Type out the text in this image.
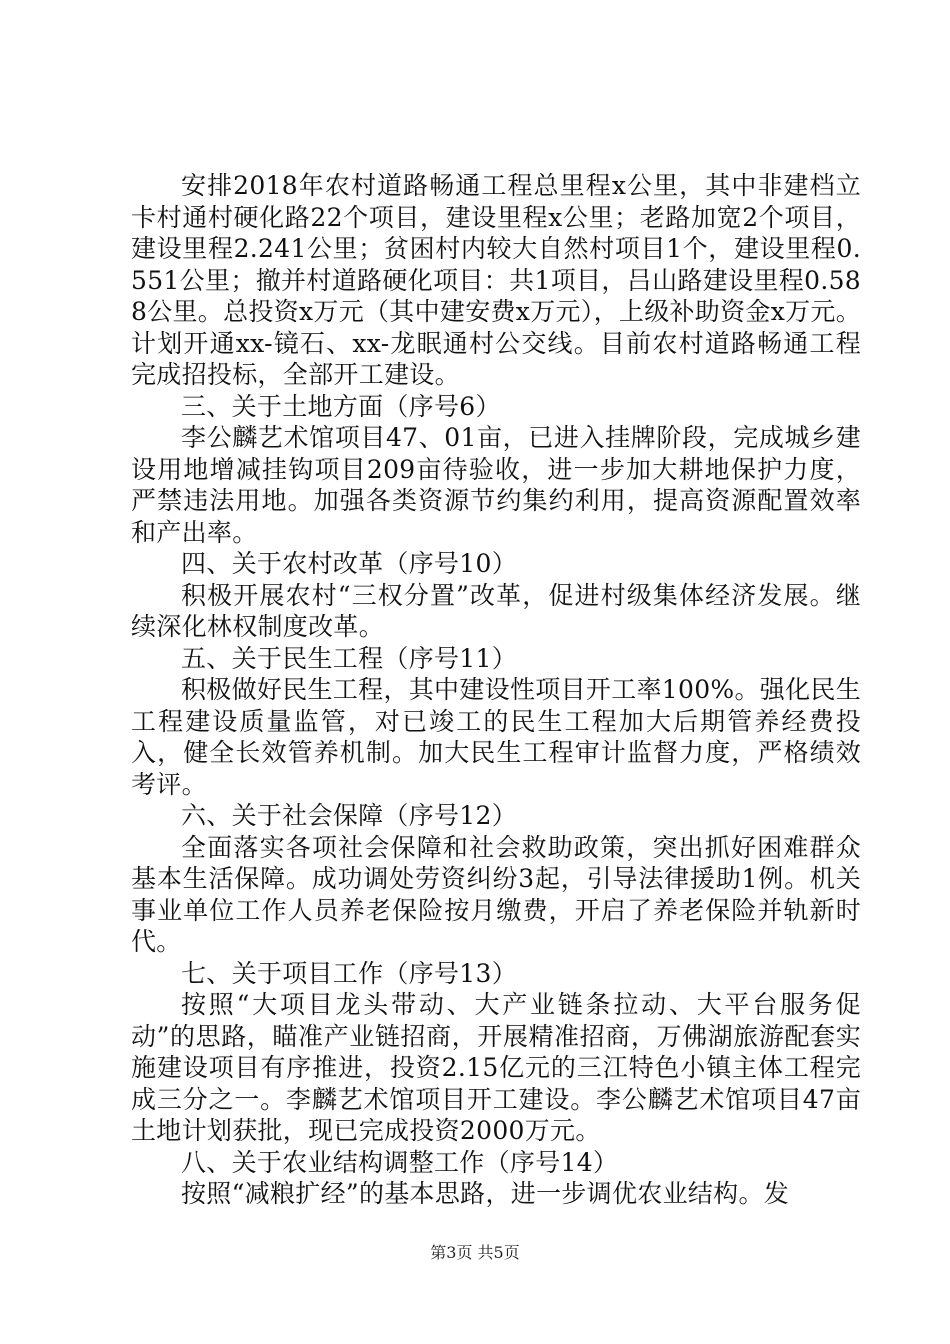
安排2018年农村道路畅通工程总里程x公里，其中非建档立卡村通村硬化路22个项目，建设里程x公里；老路加宽2个项目，建设里程2.241公里；贫困村内较大自然村项目1个，建设里程0.551公里；撤并村道路硬化项目：共1项目，吕山路建设里程0.588公里。总投资x万元（其中建安费x万元），上级补助资金x万元。计划开通xx-镜石、xx-龙眠通村公交线。目前农村道路畅通工程完成招投标，全部开工建设。

三、关于土地方面（序号6）

李公麟艺术馆项目47、01亩，已进入挂牌阶段，完成城乡建设用地增减挂钩项目209亩待验收，进一步加大耕地保护力度，严禁违法用地。加强各类资源节约集约利用，提高资源配置效率和产出率。

四、关于农村改革（序号10）

积极开展农村“三权分置”改革，促进村级集体经济发展。继续深化林权制度改革。

五、关于民生工程（序号11）

积极做好民生工程，其中建设性项目开工率100%。强化民生工程建设质量监管，对已竣工的民生工程加大后期管养经费投入，健全长效管养机制。加大民生工程审计监督力度，严格绩效考评。

六、关于社会保障（序号12）

全面落实各项社会保障和社会救助政策，突出抓好困难群众基本生活保障。成功调处劳资纠纷3起，引导法律援助1例。机关事业单位工作人员养老保险按月缴费，开启了养老保险并轨新时代。

七、关于项目工作（序号13）

按照“大项目龙头带动、大产业链条拉动、大平台服务促动”的思路，瞄准产业链招商，开展精准招商，万佛湖旅游配套实施建设项目有序推进，投资2.15亿元的三江特色小镇主体工程完成三分之一。李麟艺术馆项目开工建设。李公麟艺术馆项目47亩土地计划获批，现已完成投资2000万元。

八、关于农业结构调整工作（序号14）

按照“减粮扩经”的基本思路，进一步调优农业结构。发

第3页 共5页
